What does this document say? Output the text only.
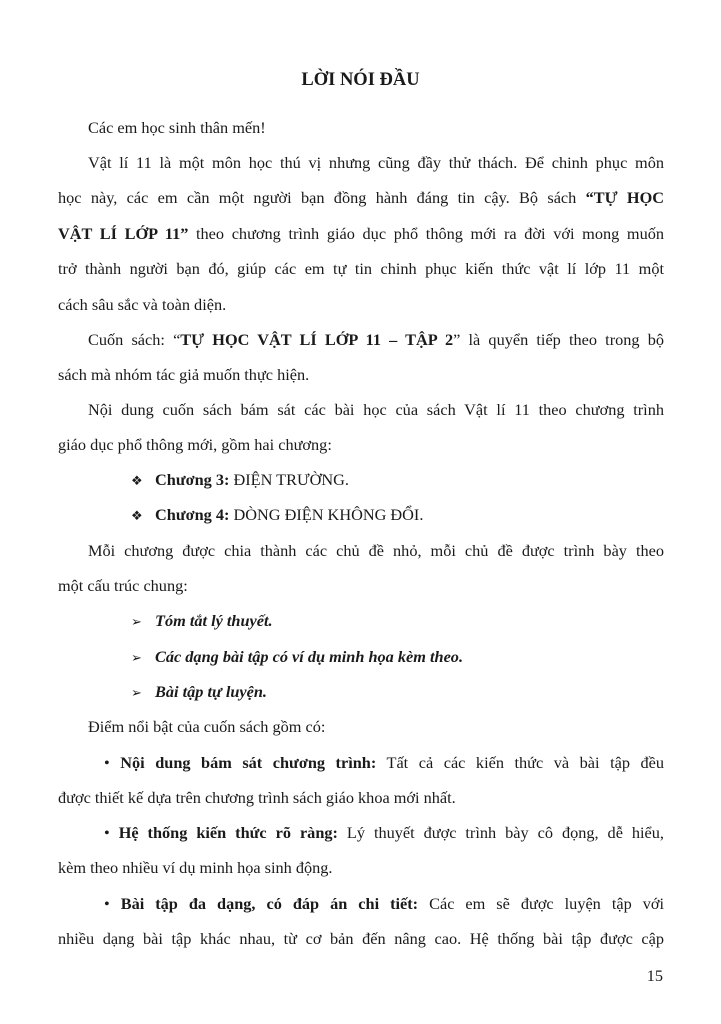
LỜI NÓI ĐẦU
Các em học sinh thân mến!
Vật lí 11 là một môn học thú vị nhưng cũng đầy thử thách. Để chinh phục môn
học này, các em cần một người bạn đồng hành đáng tin cậy. Bộ sách “TỰ HỌC
VẬT LÍ LỚP 11” theo chương trình giáo dục phổ thông mới ra đời với mong muốn
trở thành người bạn đó, giúp các em tự tin chinh phục kiến thức vật lí lớp 11 một
cách sâu sắc và toàn diện.
Cuốn sách: “TỰ HỌC VẬT LÍ LỚP 11 – TẬP 2” là quyển tiếp theo trong bộ
sách mà nhóm tác giả muốn thực hiện.
Nội dung cuốn sách bám sát các bài học của sách Vật lí 11 theo chương trình
giáo dục phổ thông mới, gồm hai chương:
❖ Chương 3: ĐIỆN TRƯỜNG.
❖ Chương 4: DÒNG ĐIỆN KHÔNG ĐỔI.
Mỗi chương được chia thành các chủ đề nhỏ, mỗi chủ đề được trình bày theo
một cấu trúc chung:
➢ Tóm tắt lý thuyết.
➢ Các dạng bài tập có ví dụ minh họa kèm theo.
➢ Bài tập tự luyện.
Điểm nổi bật của cuốn sách gồm có:
• Nội dung bám sát chương trình: Tất cả các kiến thức và bài tập đều
được thiết kế dựa trên chương trình sách giáo khoa mới nhất.
• Hệ thống kiến thức rõ ràng: Lý thuyết được trình bày cô đọng, dễ hiểu,
kèm theo nhiều ví dụ minh họa sinh động.
• Bài tập đa dạng, có đáp án chi tiết: Các em sẽ được luyện tập với
nhiều dạng bài tập khác nhau, từ cơ bản đến nâng cao. Hệ thống bài tập được cập
15
